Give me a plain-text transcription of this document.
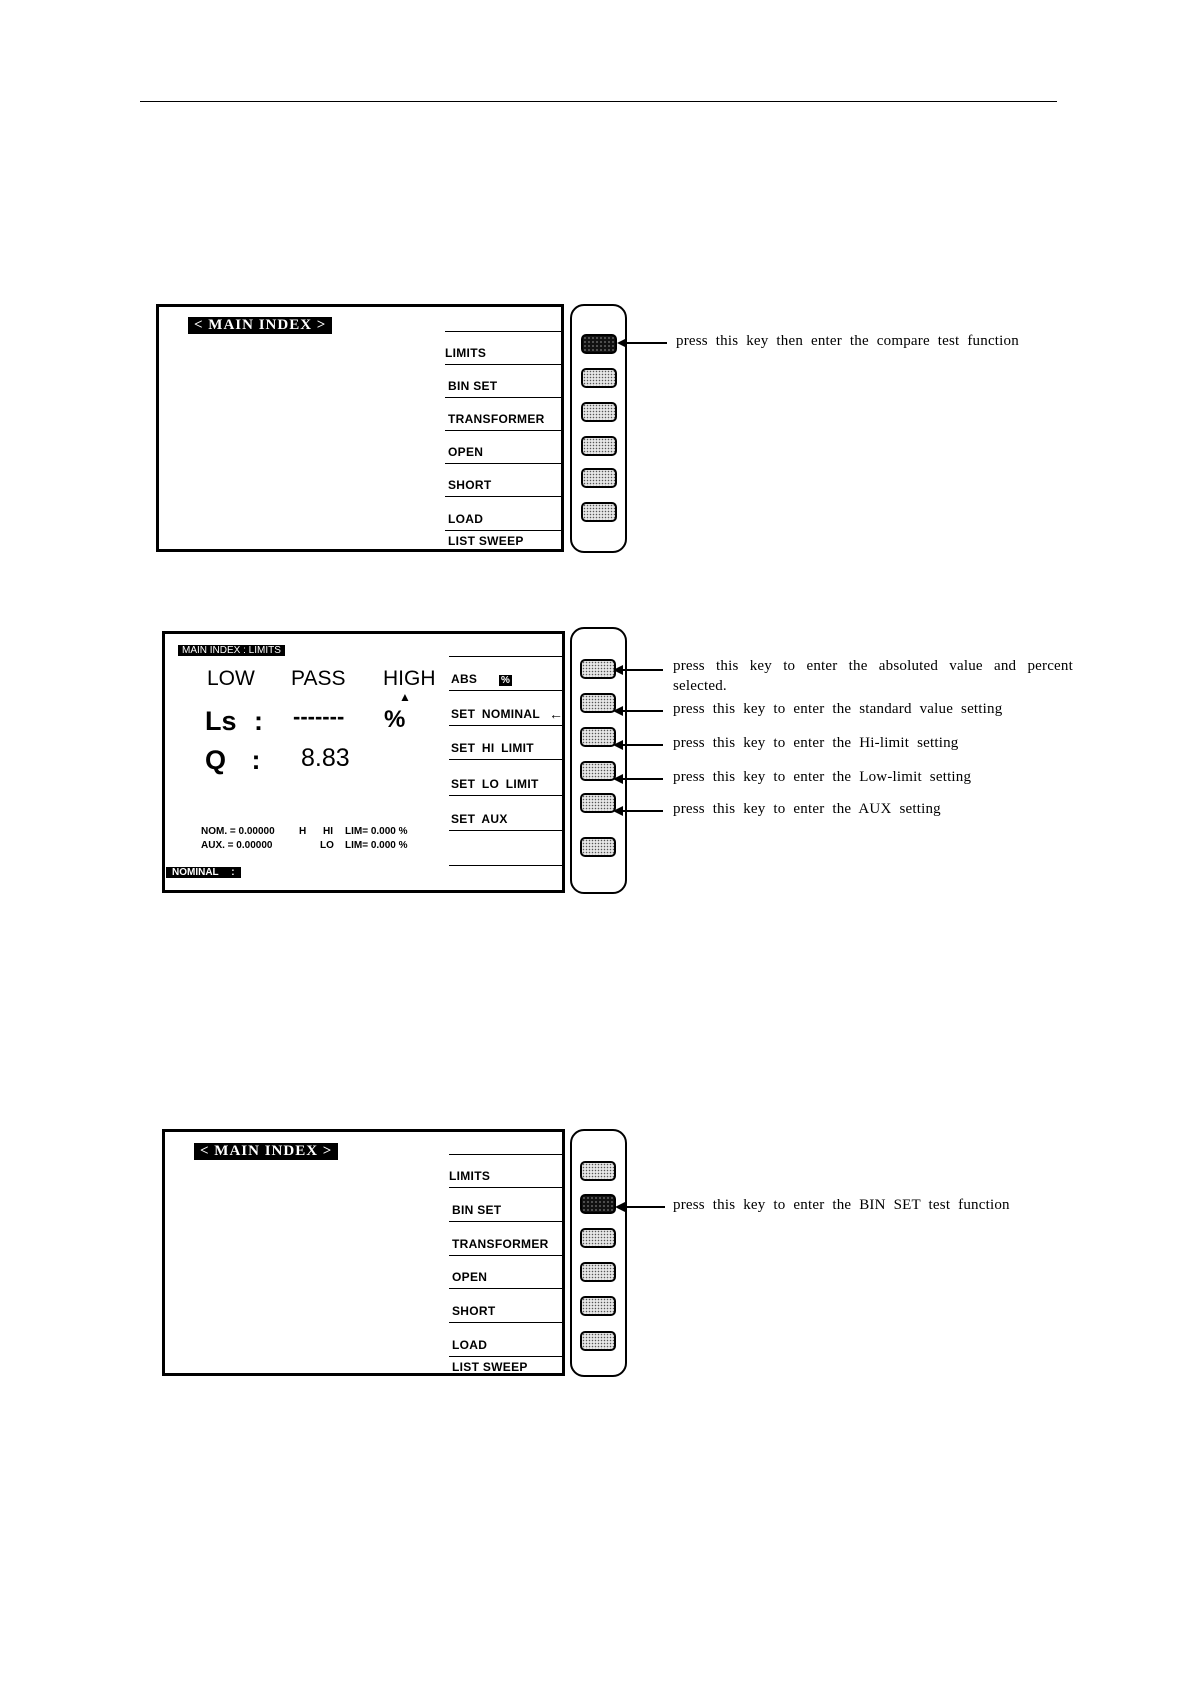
< MAIN INDEX >
LIMITS
BIN SET
TRANSFORMER
OPEN
SHORT
LOAD
LIST SWEEP
press this key then enter the compare test function
MAIN INDEX : LIMITS
LOW PASS HIGH
▲
Ls : ------- %
Q : 8.83
NOM. = 0.00000 H HI LIM= 0.000 %
AUX. = 0.00000	LO LIM= 0.000 %
NOMINAL :
ABS %
SET NOMINAL ←
SET HI LIMIT
SET LO LIMIT
SET AUX
press this key to enter the absoluted value and percent selected.
press this key to enter the standard value setting
press this key to enter the Hi-limit setting
press this key to enter the Low-limit setting
press this key to enter the AUX setting
< MAIN INDEX >
LIMITS
BIN SET
TRANSFORMER
OPEN
SHORT
LOAD
LIST SWEEP
press this key to enter the BIN SET test function
